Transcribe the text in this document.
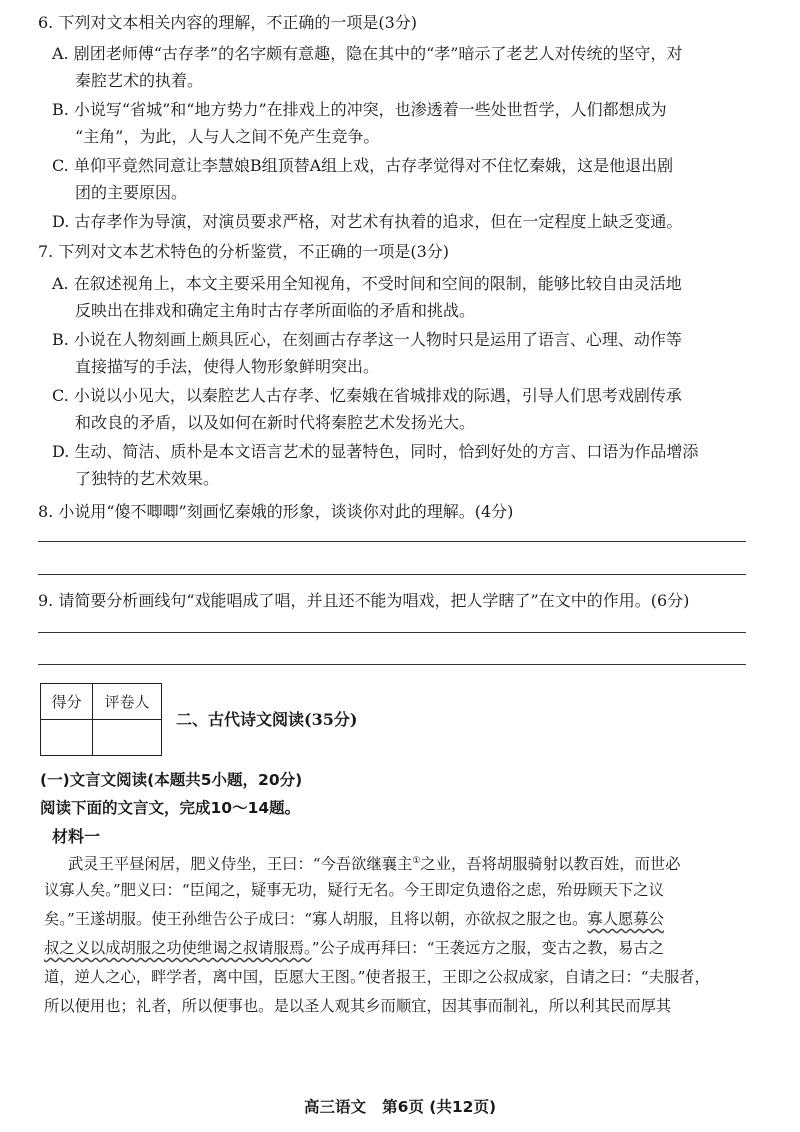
6. 下列对文本相关内容的理解，不正确的一项是(3分)
A. 剧团老师傅“古存孝”的名字颇有意趣，隐在其中的“孝”暗示了老艺人对传统的坚守，对
秦腔艺术的执着。
B. 小说写“省城”和“地方势力”在排戏上的冲突，也渗透着一些处世哲学，人们都想成为
“主角”，为此，人与人之间不免产生竞争。
C. 单仰平竟然同意让李慧娘B组顶替A组上戏，古存孝觉得对不住忆秦娥，这是他退出剧
团的主要原因。
D. 古存孝作为导演，对演员要求严格，对艺术有执着的追求，但在一定程度上缺乏变通。
7. 下列对文本艺术特色的分析鉴赏，不正确的一项是(3分)
A. 在叙述视角上，本文主要采用全知视角，不受时间和空间的限制，能够比较自由灵活地
反映出在排戏和确定主角时古存孝所面临的矛盾和挑战。
B. 小说在人物刻画上颇具匠心，在刻画古存孝这一人物时只是运用了语言、心理、动作等
直接描写的手法，使得人物形象鲜明突出。
C. 小说以小见大，以秦腔艺人古存孝、忆秦娥在省城排戏的际遇，引导人们思考戏剧传承
和改良的矛盾，以及如何在新时代将秦腔艺术发扬光大。
D. 生动、简洁、质朴是本文语言艺术的显著特色，同时，恰到好处的方言、口语为作品增添
了独特的艺术效果。
8. 小说用“傻不唧唧”刻画忆秦娥的形象，谈谈你对此的理解。(4分)
9. 请简要分析画线句“戏能唱成了唱，并且还不能为唱戏，把人学瞎了”在文中的作用。(6分)
得分	评卷人

二、古代诗文阅读(35分)
(一)文言文阅读(本题共5小题，20分)
阅读下面的文言文，完成10～14题。
材料一
武灵王平昼闲居，肥义侍坐，王曰：“今吾欲继襄主①之业，吾将胡服骑射以教百姓，而世必
议寡人矣。”肥义曰：“臣闻之，疑事无功，疑行无名。今王即定负遗俗之虑，殆毋顾天下之议
矣。”王遂胡服。使王孙绁告公子成曰：“寡人胡服，且将以朝，亦欲叔之服之也。寡人愿募公
叔之义以成胡服之功使绁谒之叔请服焉。”公子成再拜曰：“王袭远方之服，变古之教，易古之
道，逆人之心，畔学者，离中国，臣愿大王图。”使者报王，王即之公叔成家，自请之曰：“夫服者，
所以便用也；礼者，所以便事也。是以圣人观其乡而顺宜，因其事而制礼，所以利其民而厚其
高三语文   第6页 (共12页)
